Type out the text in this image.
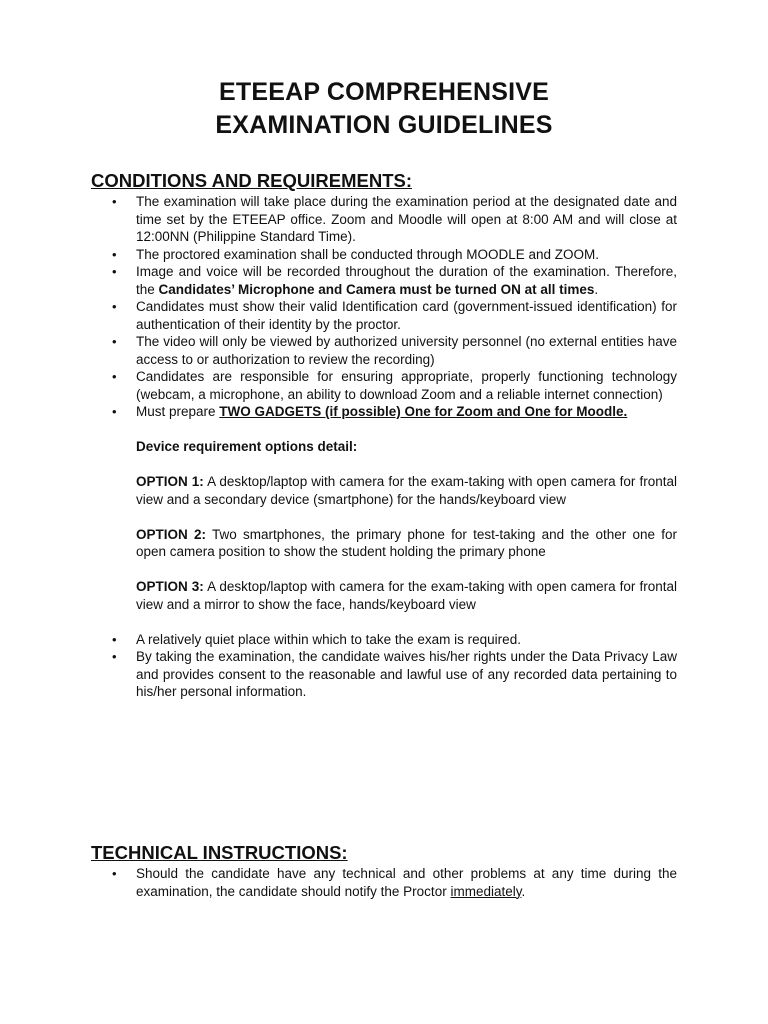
ETEEAP COMPREHENSIVE
EXAMINATION GUIDELINES
CONDITIONS AND REQUIREMENTS:
• The examination will take place during the examination period at the designated date and time set by the ETEEAP office. Zoom and Moodle will open at 8:00 AM and will close at 12:00NN (Philippine Standard Time).
• The proctored examination shall be conducted through MOODLE and ZOOM.
• Image and voice will be recorded throughout the duration of the examination. Therefore, the Candidates’ Microphone and Camera must be turned ON at all times.
• Candidates must show their valid Identification card (government-issued identification) for authentication of their identity by the proctor.
• The video will only be viewed by authorized university personnel (no external entities have access to or authorization to review the recording)
• Candidates are responsible for ensuring appropriate, properly functioning technology (webcam, a microphone, an ability to download Zoom and a reliable internet connection)
• Must prepare TWO GADGETS (if possible) One for Zoom and One for Moodle.
Device requirement options detail:
OPTION 1: A desktop/laptop with camera for the exam-taking with open camera for frontal view and a secondary device (smartphone) for the hands/keyboard view
OPTION 2: Two smartphones, the primary phone for test-taking and the other one for open camera position to show the student holding the primary phone
OPTION 3: A desktop/laptop with camera for the exam-taking with open camera for frontal view and a mirror to show the face, hands/keyboard view
• A relatively quiet place within which to take the exam is required.
• By taking the examination, the candidate waives his/her rights under the Data Privacy Law and provides consent to the reasonable and lawful use of any recorded data pertaining to his/her personal information.
TECHNICAL INSTRUCTIONS:
• Should the candidate have any technical and other problems at any time during the examination, the candidate should notify the Proctor immediately.
